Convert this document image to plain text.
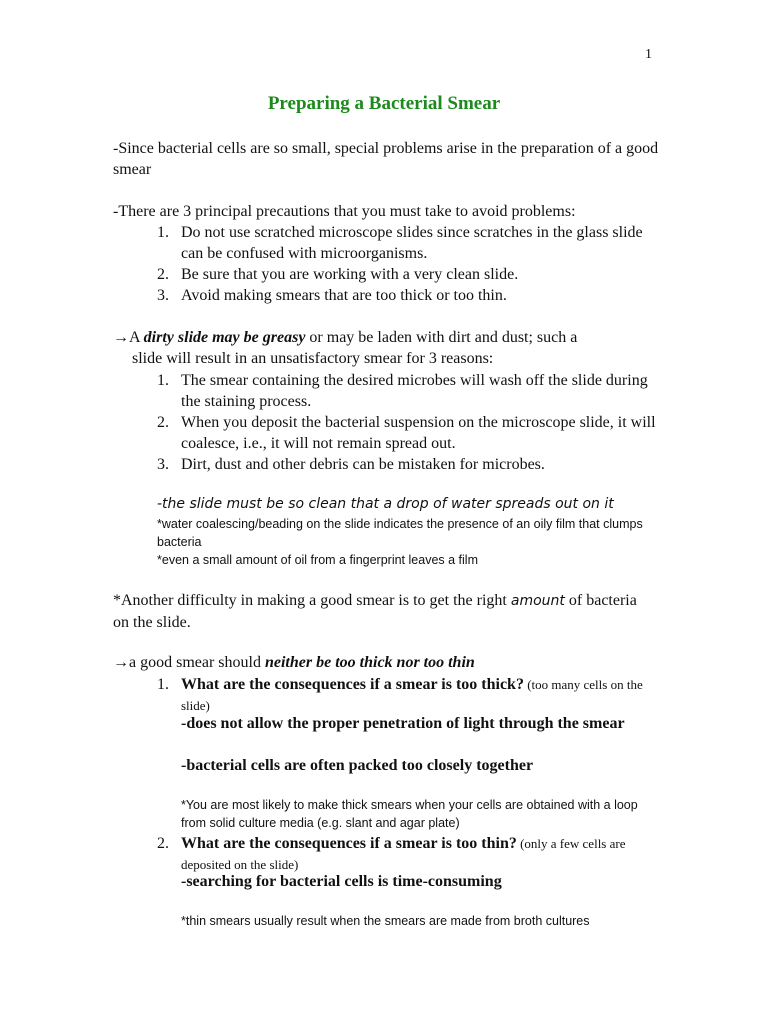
1
Preparing a Bacterial Smear
-Since bacterial cells are so small, special problems arise in the preparation of a good smear
-There are 3 principal precautions that you must take to avoid problems:
1. Do not use scratched microscope slides since scratches in the glass slide can be confused with microorganisms.
2. Be sure that you are working with a very clean slide.
3. Avoid making smears that are too thick or too thin.
→A dirty slide may be greasy or may be laden with dirt and dust; such a
slide will result in an unsatisfactory smear for 3 reasons:
1. The smear containing the desired microbes will wash off the slide during the staining process.
2. When you deposit the bacterial suspension on the microscope slide, it will coalesce, i.e., it will not remain spread out.
3. Dirt, dust and other debris can be mistaken for microbes.
-the slide must be so clean that a drop of water spreads out on it
*water coalescing/beading on the slide indicates the presence of an oily film that clumps bacteria
*even a small amount of oil from a fingerprint leaves a film
*Another difficulty in making a good smear is to get the right amount of bacteria on the slide.
→a good smear should neither be too thick nor too thin
1. What are the consequences if a smear is too thick? (too many cells on the slide)
-does not allow the proper penetration of light through the smear
-bacterial cells are often packed too closely together
*You are most likely to make thick smears when your cells are obtained with a loop from solid culture media (e.g. slant and agar plate)
2. What are the consequences if a smear is too thin? (only a few cells are deposited on the slide)
-searching for bacterial cells is time-consuming
*thin smears usually result when the smears are made from broth cultures
